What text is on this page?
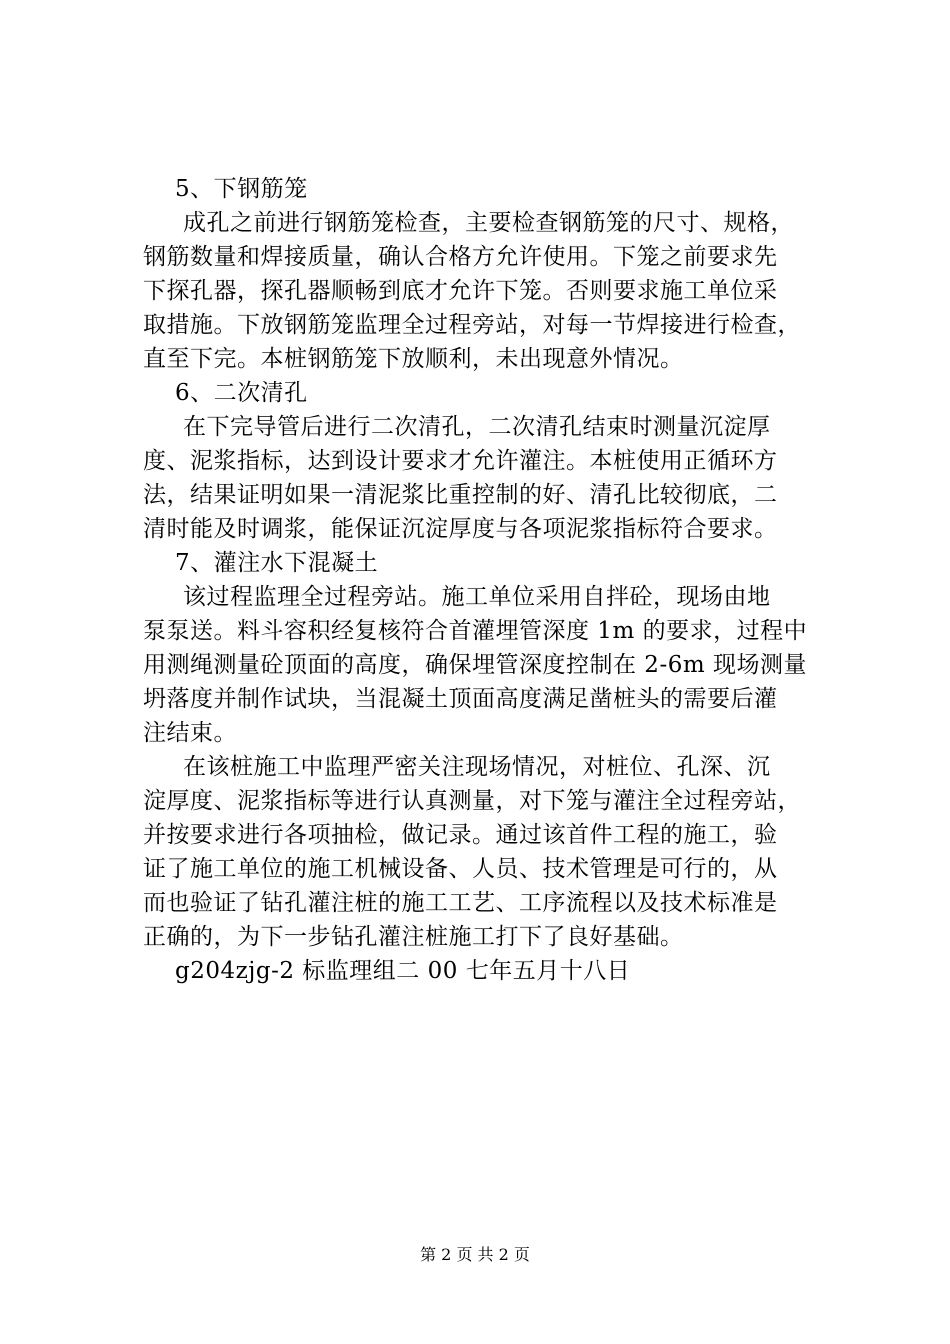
5、下钢筋笼
成孔之前进行钢筋笼检查，主要检查钢筋笼的尺寸、规格，
钢筋数量和焊接质量，确认合格方允许使用。下笼之前要求先
下探孔器，探孔器顺畅到底才允许下笼。否则要求施工单位采
取措施。下放钢筋笼监理全过程旁站，对每一节焊接进行检查，
直至下完。本桩钢筋笼下放顺利，未出现意外情况。
6、二次清孔
在下完导管后进行二次清孔，二次清孔结束时测量沉淀厚
度、泥浆指标，达到设计要求才允许灌注。本桩使用正循环方
法，结果证明如果一清泥浆比重控制的好、清孔比较彻底，二
清时能及时调浆，能保证沉淀厚度与各项泥浆指标符合要求。
7、灌注水下混凝土
该过程监理全过程旁站。施工单位采用自拌砼，现场由地
泵泵送。料斗容积经复核符合首灌埋管深度 1m 的要求，过程中
用测绳测量砼顶面的高度，确保埋管深度控制在 2-6m 现场测量
坍落度并制作试块，当混凝土顶面高度满足凿桩头的需要后灌
注结束。
在该桩施工中监理严密关注现场情况，对桩位、孔深、沉
淀厚度、泥浆指标等进行认真测量，对下笼与灌注全过程旁站，
并按要求进行各项抽检，做记录。通过该首件工程的施工，验
证了施工单位的施工机械设备、人员、技术管理是可行的，从
而也验证了钻孔灌注桩的施工工艺、工序流程以及技术标准是
正确的，为下一步钻孔灌注桩施工打下了良好基础。
g204zjg-2 标监理组二 00 七年五月十八日
第 2 页 共 2 页
